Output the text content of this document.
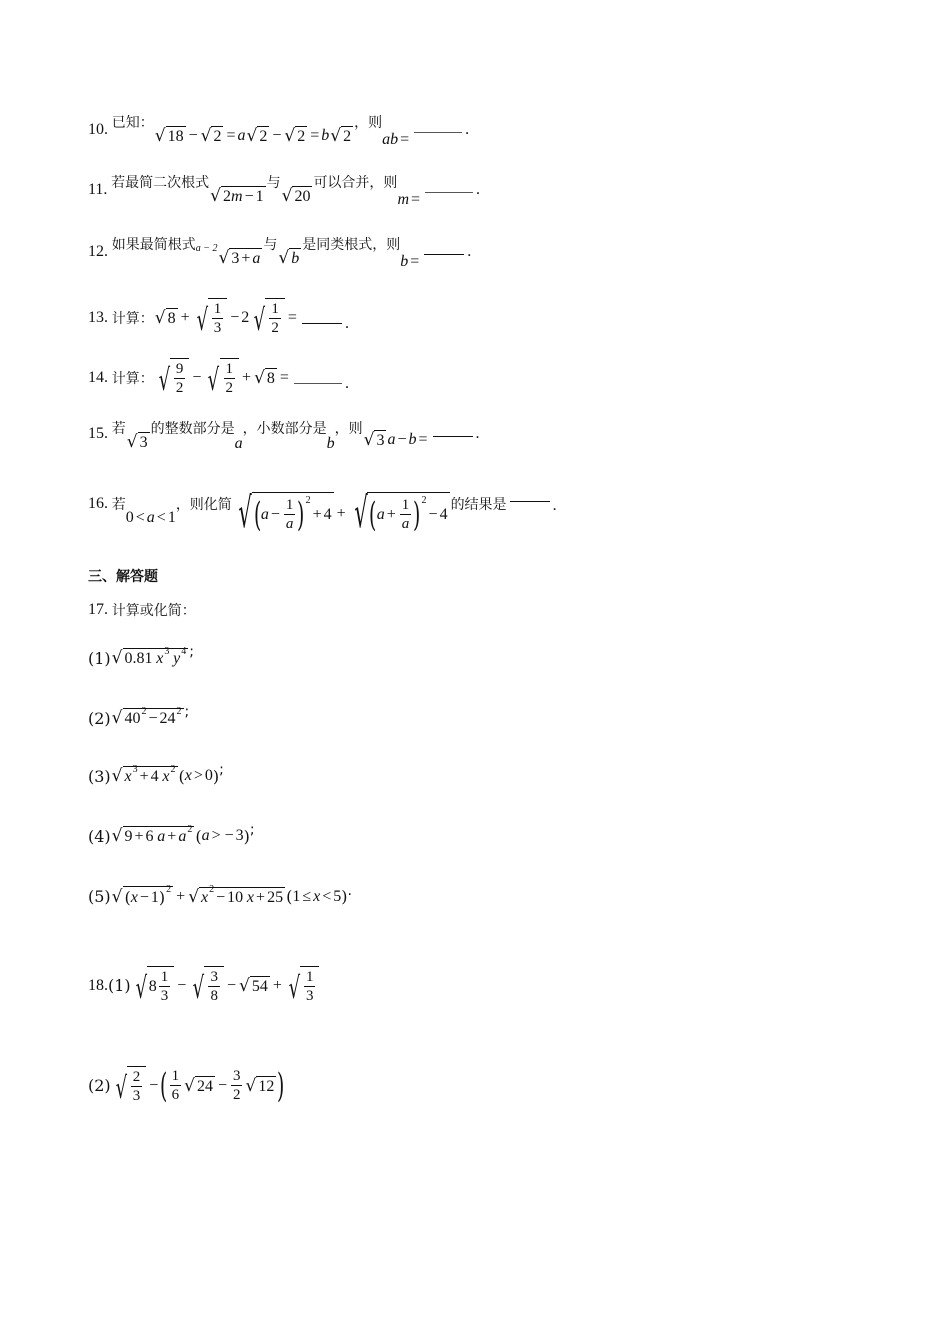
10.
已知：
√ 18 − √ 2 = a √ 2 − √ 2 = b √ 2
，则
ab =
.
11.
若最简二次根式
√ 2 m − 1
与
√ 20
可以合并，则
m =
.
12.
如果最简根式 a − 2 √ 3 + a
与
√ b
是同类根式，则
b =
.
13.
计算： √ 8 + √ $\frac{1}{3} - 2$ √ $\frac{1}{2}$ =	.
14.
计算： √ $\frac{9}{2}$ − √ $\frac{1}{2}$ + √ 8 =	.
15.
若
√ 3
的整数部分是
a
，小数部分是
b
，则
√ 3 a − b =	.
16.
若
0 < a < 1
，则化简 √ ( $a - \frac{1}{a}$ ) 2
+ 4 + √ ( $a + \frac{1}{a}$ ) 2
− 4
的结果是	.
三、解答题
17.
计算或化简：
(1) √ 0.81
x 3
y 4 ;
(2) √ 40 2 − 24 2 ;
(3) √ x 3 + 4
x 2 ( x > 0 ) ;
(4) √ 9 + 6
a + a 2 ( a > − 3 ) ;
(5) √ ( x − 1 ) 2 + √ x 2 − 10
x + 25 ( 1 ≤ x < 5 ) .
18. (1) √ $8 \frac{1}{3}$ − √ $\frac{3}{8}$ − √ 54 + √ $\frac{1}{3}$
(2) √ $\frac{2}{3}$ − ( $\frac{1}{6}$ √ $24 - \frac{3}{2}$ √ 12 )
